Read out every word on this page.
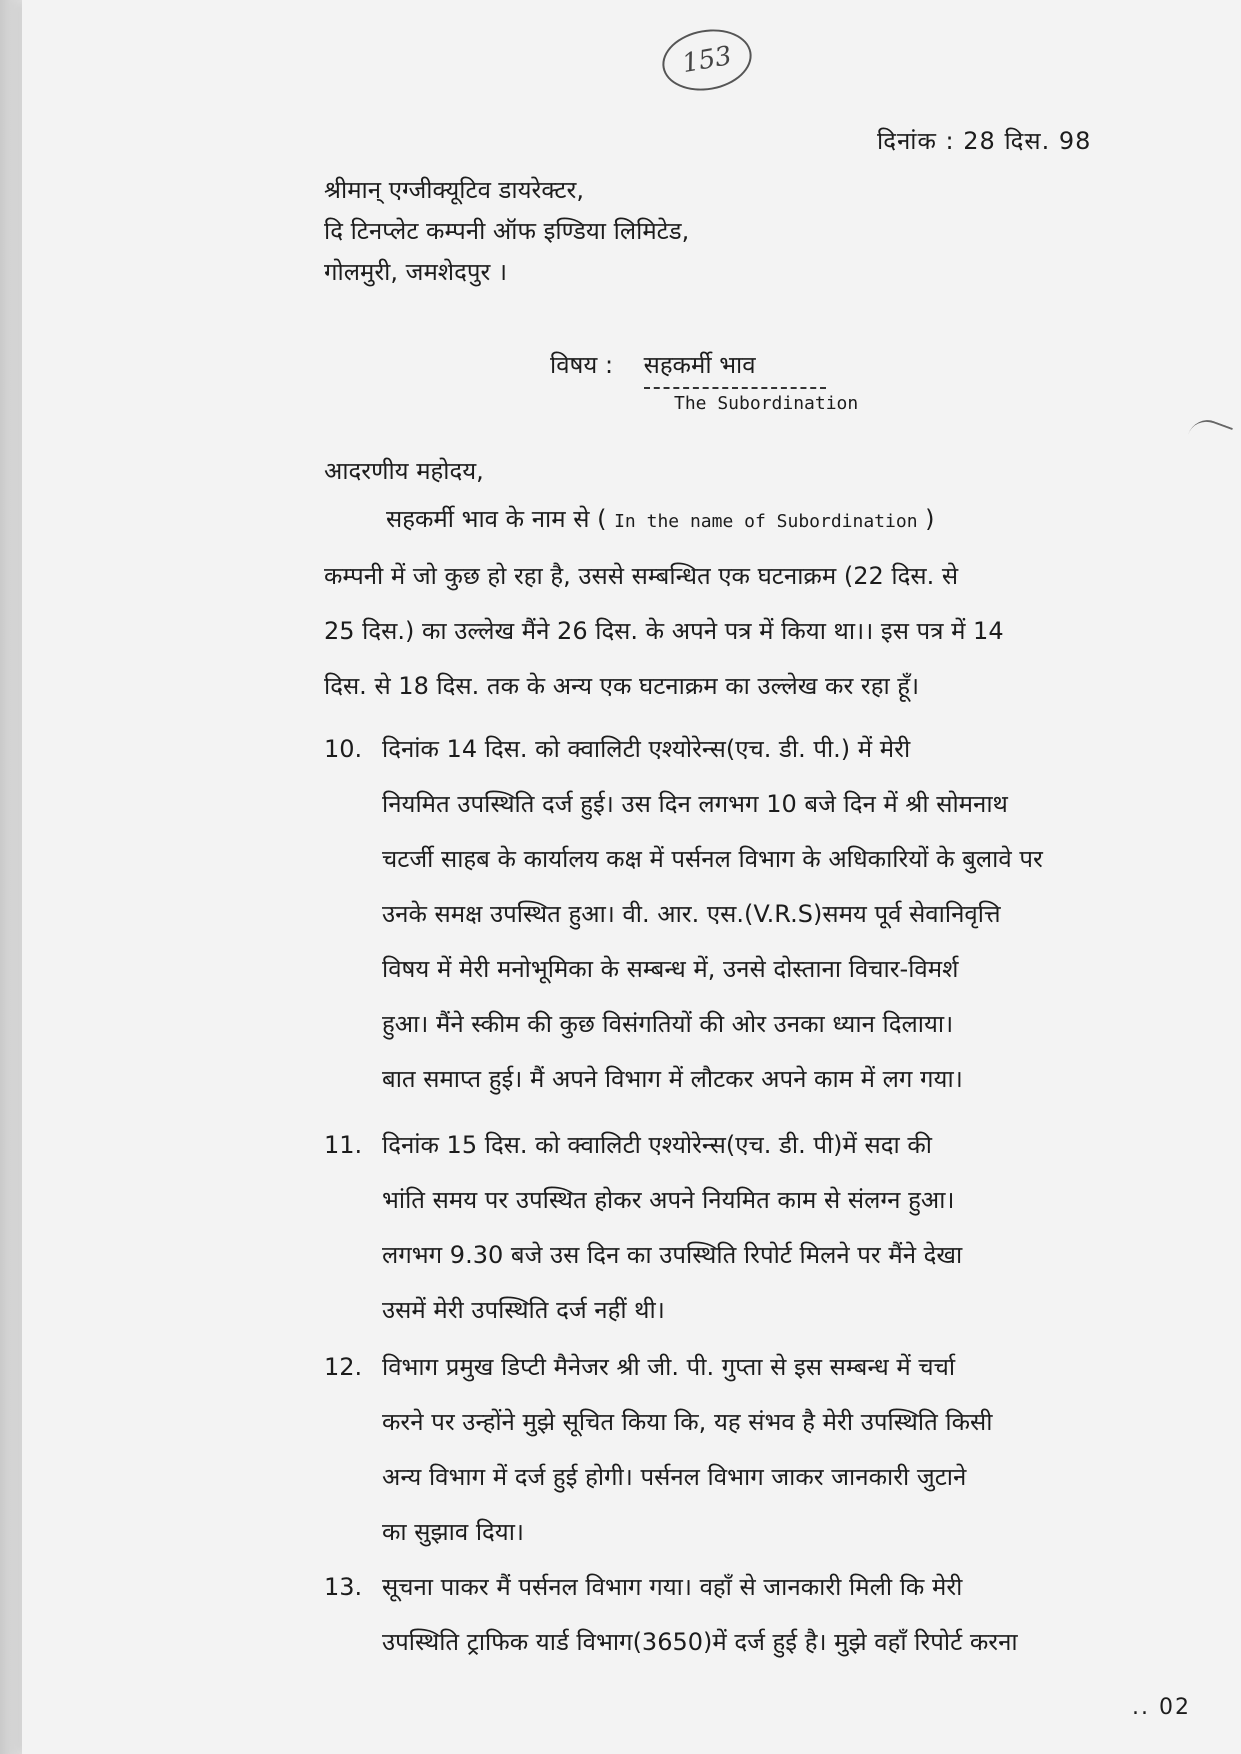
153
दिनांक : 28 दिस. 98
श्रीमान् एग्जीक्यूटिव डायरेक्टर,
दि टिनप्लेट कम्पनी ऑफ इण्डिया लिमिटेड,
गोलमुरी, जमशेदपुर ।
विषय : सहकर्मी भाव
The Subordination
आदरणीय महोदय,
सहकर्मी भाव के नाम से ( In the name of Subordination )
कम्पनी में जो कुछ हो रहा है, उससे सम्बन्धित एक घटनाक्रम (22 दिस. से
25 दिस.) का उल्लेख मैंने 26 दिस. के अपने पत्र में किया था।। इस पत्र में 14
दिस. से 18 दिस. तक के अन्य एक घटनाक्रम का उल्लेख कर रहा हूँ।
10. दिनांक 14 दिस. को क्वालिटी एश्योरेन्स(एच. डी. पी.) में मेरी
नियमित उपस्थिति दर्ज हुई। उस दिन लगभग 10 बजे दिन में श्री सोमनाथ
चटर्जी साहब के कार्यालय कक्ष में पर्सनल विभाग के अधिकारियों के बुलावे पर
उनके समक्ष उपस्थित हुआ। वी. आर. एस.(V.R.S)समय पूर्व सेवानिवृत्ति
विषय में मेरी मनोभूमिका के सम्बन्ध में, उनसे दोस्ताना विचार-विमर्श
हुआ। मैंने स्कीम की कुछ विसंगतियों की ओर उनका ध्यान दिलाया।
बात समाप्त हुई। मैं अपने विभाग में लौटकर अपने काम में लग गया।
11. दिनांक 15 दिस. को क्वालिटी एश्योरेन्स(एच. डी. पी)में सदा की
भांति समय पर उपस्थित होकर अपने नियमित काम से संलग्न हुआ।
लगभग 9.30 बजे उस दिन का उपस्थिति रिपोर्ट मिलने पर मैंने देखा
उसमें मेरी उपस्थिति दर्ज नहीं थी।
12. विभाग प्रमुख डिप्टी मैनेजर श्री जी. पी. गुप्ता से इस सम्बन्ध में चर्चा
करने पर उन्होंने मुझे सूचित किया कि, यह संभव है मेरी उपस्थिति किसी
अन्य विभाग में दर्ज हुई होगी। पर्सनल विभाग जाकर जानकारी जुटाने
का सुझाव दिया।
13. सूचना पाकर मैं पर्सनल विभाग गया। वहाँ से जानकारी मिली कि मेरी
उपस्थिति ट्राफिक यार्ड विभाग(3650)में दर्ज हुई है। मुझे वहाँ रिपोर्ट करना
.. 02
